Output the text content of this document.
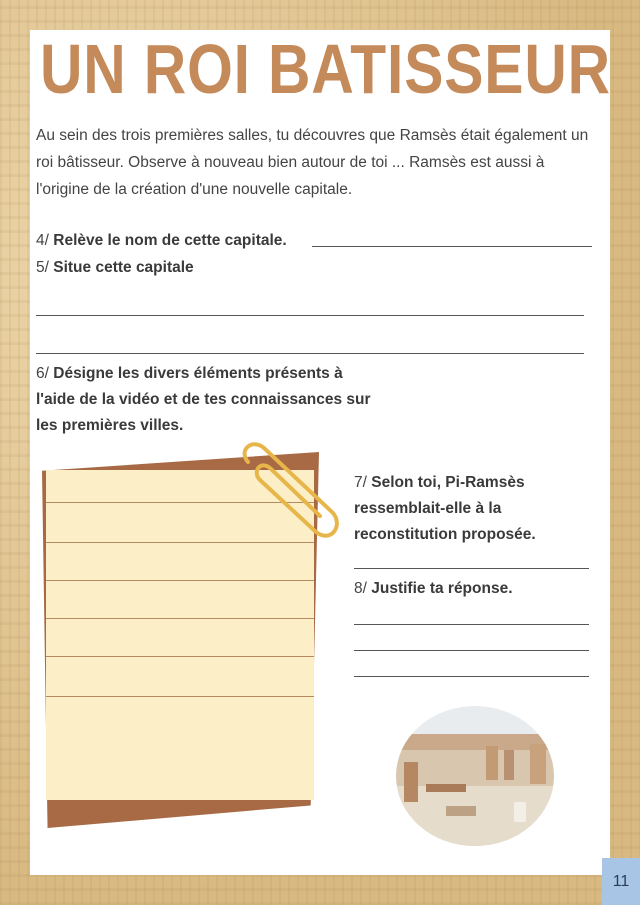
UN ROI BATISSEUR

Au sein des trois premières salles, tu découvres que Ramsès était également un roi bâtisseur. Observe à nouveau bien autour de toi ... Ramsès est aussi à l'origine de la création d'une nouvelle capitale.

4/ Relève le nom de cette capitale.
5/ Situe cette capitale
6/ Désigne les divers éléments présents à l'aide de la vidéo et de tes connaissances sur les premières villes.
7/ Selon toi, Pi-Ramsès ressemblait-elle à la reconstitution proposée.
8/ Justifie ta réponse.
11
